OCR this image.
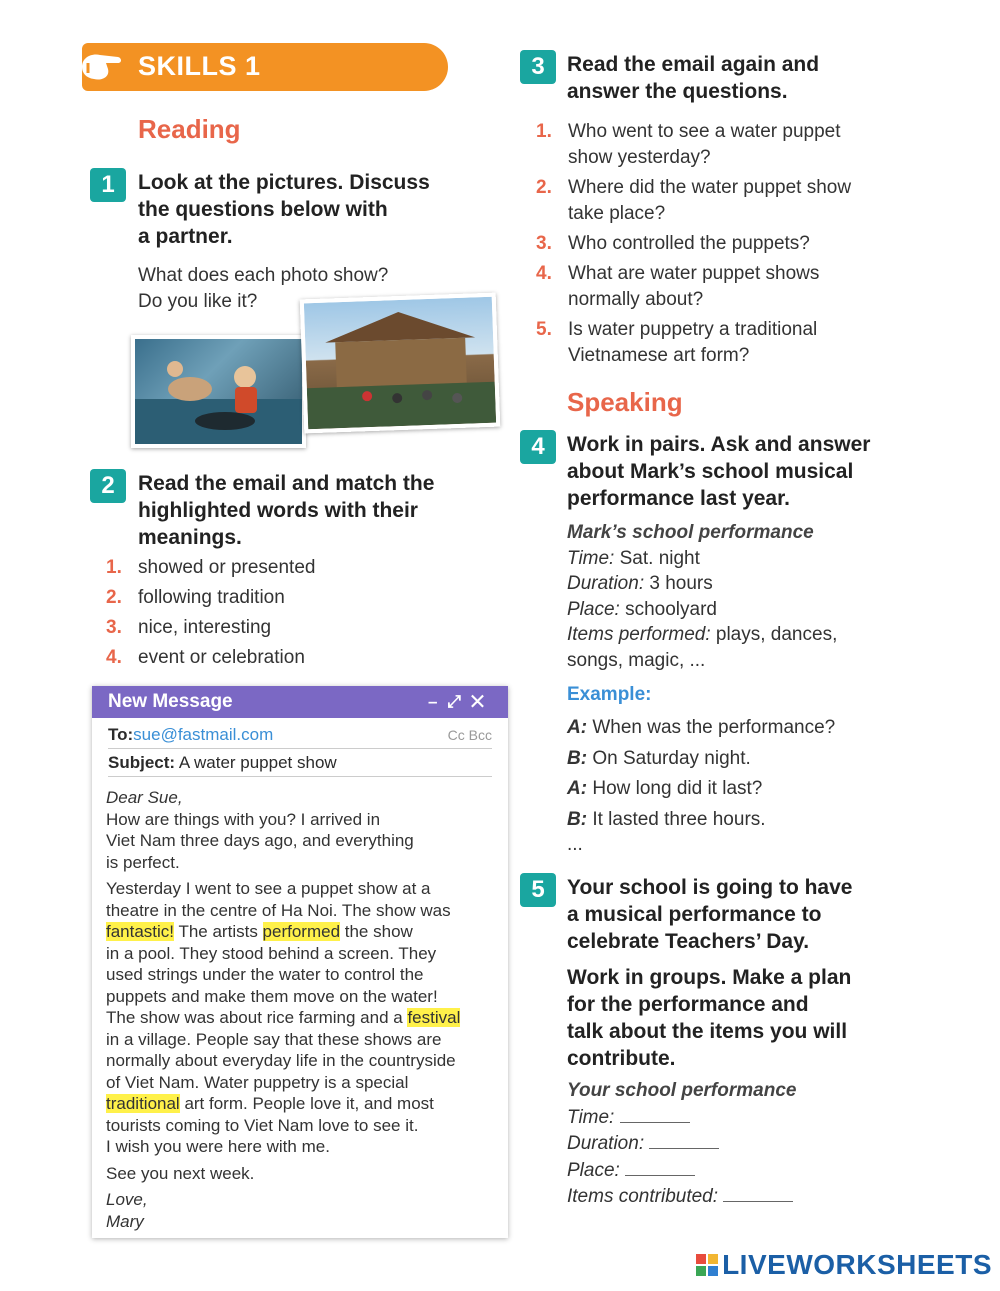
SKILLS 1
Reading
1	Look at the pictures. Discuss
the questions below with
a partner.
What does each photo show?
Do you like it?
2	Read the email and match the
highlighted words with their
meanings.
1. showed or presented
2. following tradition
3. nice, interesting
4. event or celebration
New Message	–⤢✕
To:sue@fastmail.com	Cc Bcc
Subject: A water puppet show

Dear Sue,

How are things with you? I arrived in
Viet Nam three days ago, and everything
is perfect.

Yesterday I went to see a puppet show at a
theatre in the centre of Ha Noi. The show was
fantastic! The artists performed the show
in a pool. They stood behind a screen. They
used strings under the water to control the
puppets and make them move on the water!
The show was about rice farming and a festival
in a village. People say that these shows are
normally about everyday life in the countryside
of Viet Nam. Water puppetry is a special
traditional art form. People love it, and most
tourists coming to Viet Nam love to see it.
I wish you were here with me.

See you next week.

Love,
Mary

3	Read the email again and
answer the questions.
1. Who went to see a water puppet
show yesterday?
2. Where did the water puppet show
take place?
3. Who controlled the puppets?
4. What are water puppet shows
normally about?
5. Is water puppetry a traditional
Vietnamese art form?
Speaking
4	Work in pairs. Ask and answer
about Mark’s school musical
performance last year.
Mark’s school performance
Time: Sat. night
Duration: 3 hours
Place: schoolyard
Items performed: plays, dances,
songs, magic, ...
Example:
A: When was the performance?
B: On Saturday night.
A: How long did it last?
B: It lasted three hours.
...
5	Your school is going to have
a musical performance to
celebrate Teachers’ Day.
Work in groups. Make a plan
for the performance and
talk about the items you will
contribute.
Your school performance
Time:
Duration:
Place:
Items contributed:
LIVEWORKSHEETS
